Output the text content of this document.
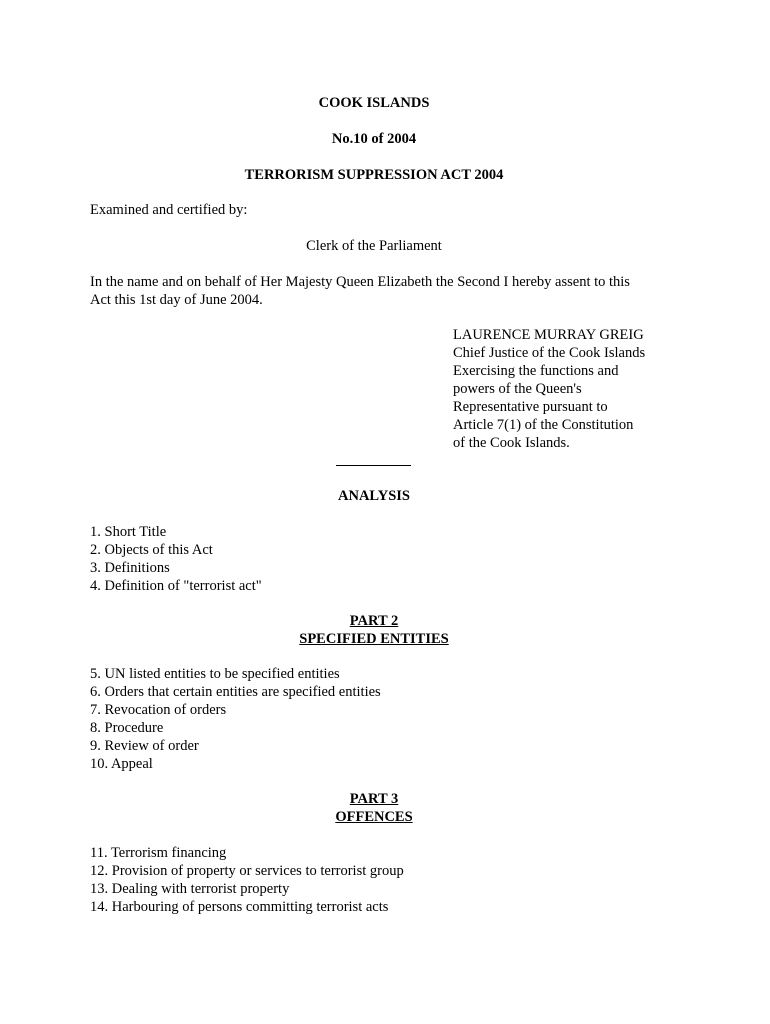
COOK ISLANDS
No.10 of 2004
TERRORISM SUPPRESSION ACT 2004
Examined and certified by:
Clerk of the Parliament
In the name and on behalf of Her Majesty Queen Elizabeth the Second I hereby assent to this
Act this 1st day of June 2004.
LAURENCE MURRAY GREIG
Chief Justice of the Cook Islands
Exercising the functions and
powers of the Queen's
Representative pursuant to
Article 7(1) of the Constitution
of the Cook Islands.
ANALYSIS
1. Short Title
2. Objects of this Act
3. Definitions
4. Definition of "terrorist act"
PART 2
SPECIFIED ENTITIES
5. UN listed entities to be specified entities
6. Orders that certain entities are specified entities
7. Revocation of orders
8. Procedure
9. Review of order
10. Appeal
PART 3
OFFENCES
11. Terrorism financing
12. Provision of property or services to terrorist group
13. Dealing with terrorist property
14. Harbouring of persons committing terrorist acts
